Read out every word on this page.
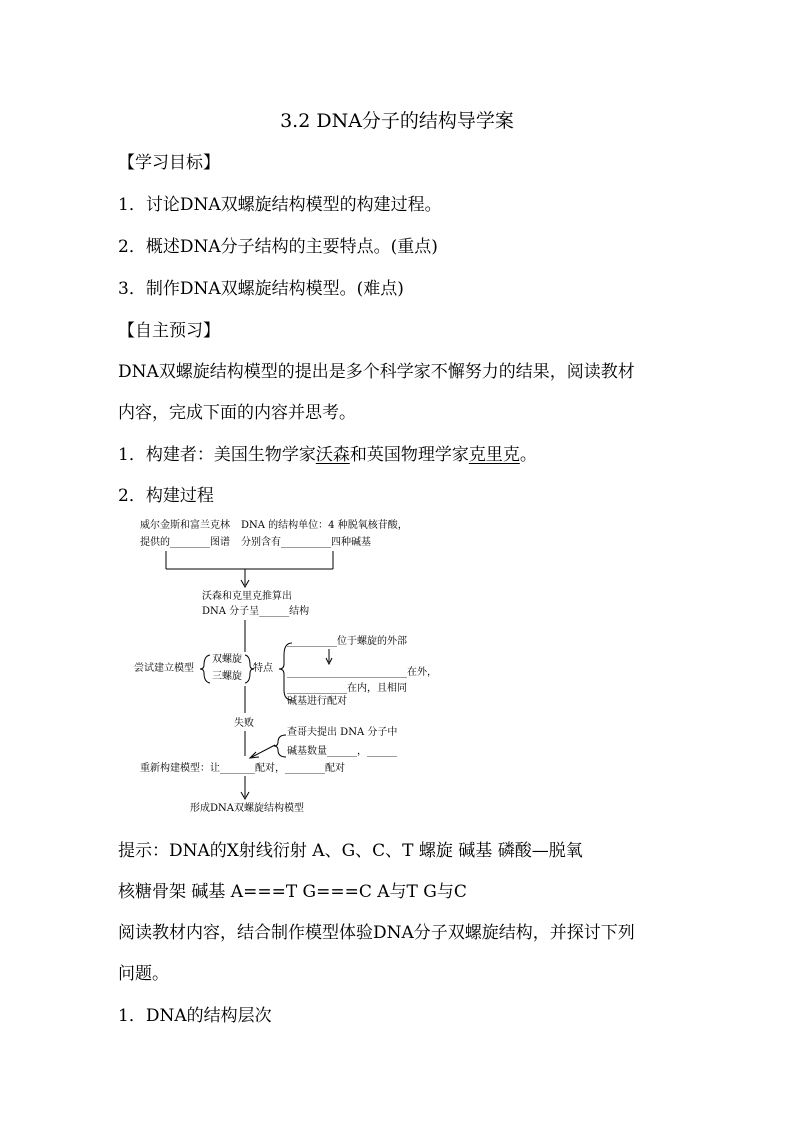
3.2 DNA分子的结构导学案
【学习目标】
1．讨论DNA双螺旋结构模型的构建过程。
2．概述DNA分子结构的主要特点。(重点)
3．制作DNA双螺旋结构模型。(难点)
【自主预习】
DNA双螺旋结构模型的提出是多个科学家不懈努力的结果，阅读教材
内容，完成下面的内容并思考。
1．构建者：美国生物学家沃森和英国物理学家克里克。
2．构建过程
威尔金斯和富兰克林
提供的________图谱
DNA 的结构单位：4 种脱氧核苷酸，
分别含有__________四种碱基
沃森和克里克推算出
DNA 分子呈______结构
尝试建立模型
双螺旋
三螺旋
特点
__________位于螺旋的外部
________________________在外，
____________在内，且相同
碱基进行配对
失败
查哥夫提出 DNA 分子中
碱基数量______，______
重新构建模型：让_______配对，________配对
形成DNA双螺旋结构模型
提示：DNA的X射线衍射 A、G、C、T 螺旋 碱基 磷酸—脱氧
核糖骨架 碱基 A===T G===C A与T G与C
阅读教材内容，结合制作模型体验DNA分子双螺旋结构，并探讨下列
问题。
1．DNA的结构层次
